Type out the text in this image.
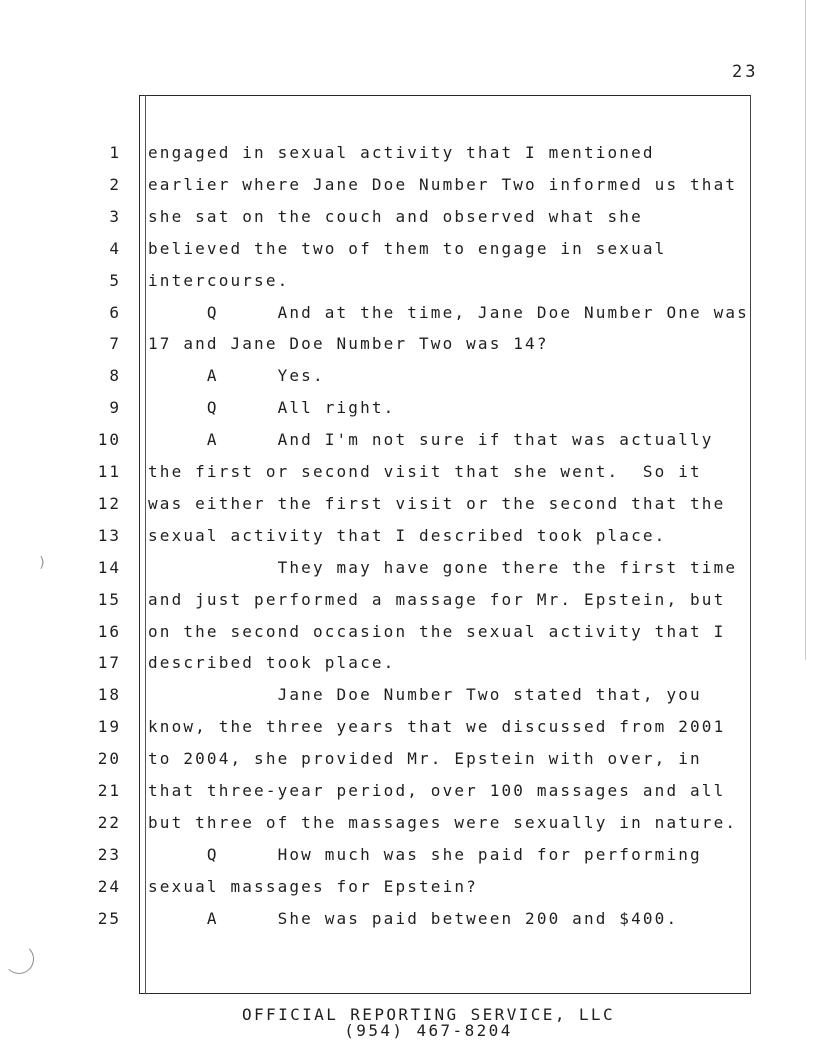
23
1 engaged in sexual activity that I mentioned
2 earlier where Jane Doe Number Two informed us that
3 she sat on the couch and observed what she
4 believed the two of them to engage in sexual
5 intercourse.
6 Q     And at the time, Jane Doe Number One was
7 17 and Jane Doe Number Two was 14?
8 A     Yes.
9 Q     All right.
10 A     And I'm not sure if that was actually
11 the first or second visit that she went.  So it
12 was either the first visit or the second that the
13 sexual activity that I described took place.
14 They may have gone there the first time
15 and just performed a massage for Mr. Epstein, but
16 on the second occasion the sexual activity that I
17 described took place.
18 Jane Doe Number Two stated that, you
19 know, the three years that we discussed from 2001
20 to 2004, she provided Mr. Epstein with over, in
21 that three-year period, over 100 massages and all
22 but three of the massages were sexually in nature.
23 Q     How much was she paid for performing
24 sexual massages for Epstein?
25 A     She was paid between 200 and $400.
)
OFFICIAL REPORTING SERVICE, LLC
(954) 467-8204
